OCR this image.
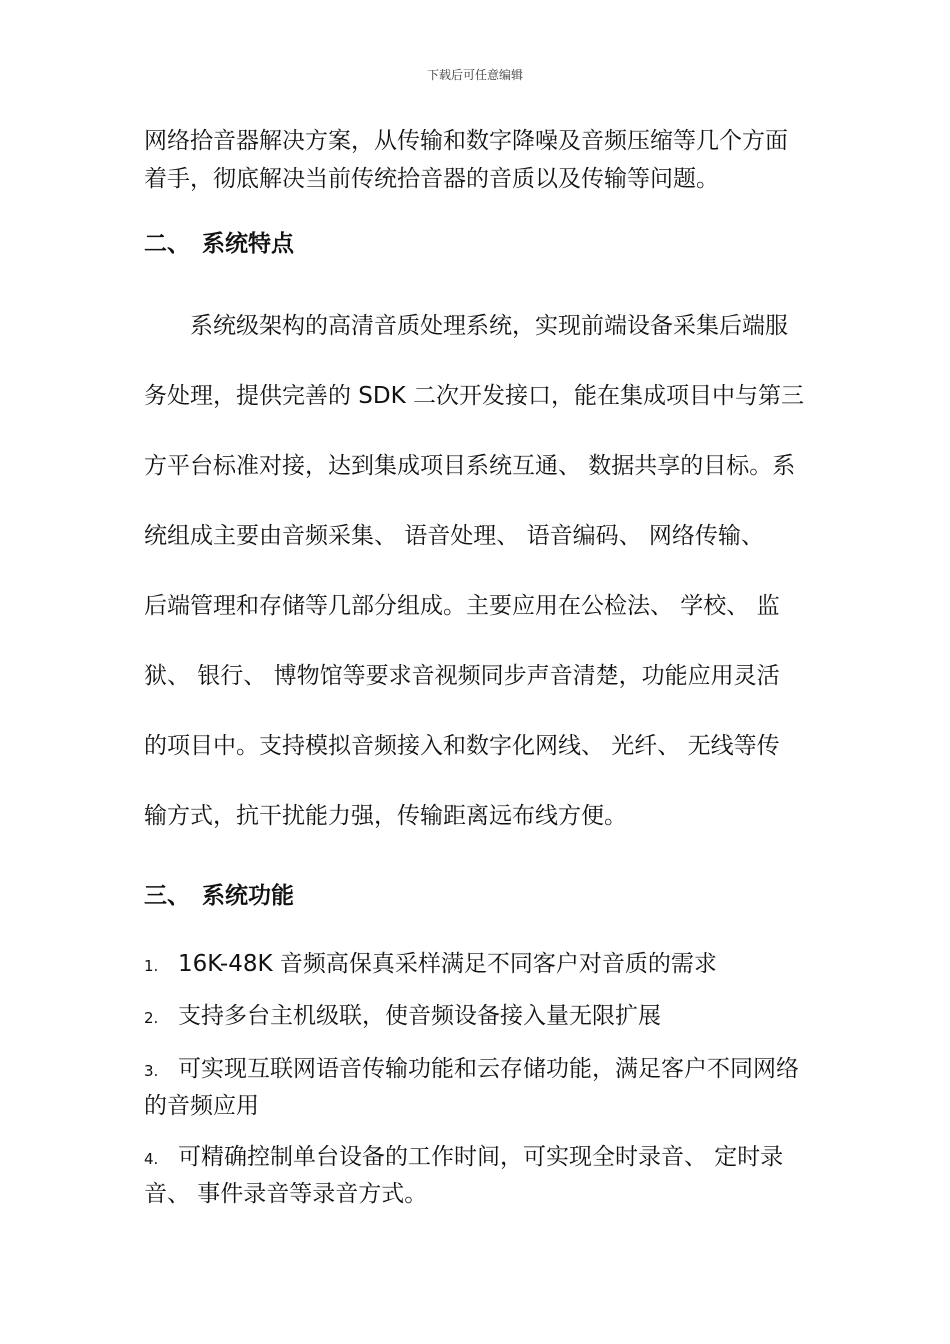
下载后可任意编辑

网络拾音器解决方案，从传输和数字降噪及音频压缩等几个方面

着手，彻底解决当前传统拾音器的音质以及传输等问题。

二、 系统特点

系统级架构的高清音质处理系统，实现前端设备采集后端服

务处理，提供完善的 SDK 二次开发接口，能在集成项目中与第三

方平台标准对接，达到集成项目系统互通、 数据共享的目标。系

统组成主要由音频采集、 语音处理、 语音编码、 网络传输、

后端管理和存储等几部分组成。主要应用在公检法、 学校、 监

狱、 银行、 博物馆等要求音视频同步声音清楚，功能应用灵活

的项目中。支持模拟音频接入和数字化网线、 光纤、 无线等传

输方式，抗干扰能力强，传输距离远布线方便。

三、 系统功能

1. 16K-48K 音频高保真采样满足不同客户对音质的需求

2. 支持多台主机级联，使音频设备接入量无限扩展

3. 可实现互联网语音传输功能和云存储功能，满足客户不同网络

的音频应用

4. 可精确控制单台设备的工作时间，可实现全时录音、 定时录

音、 事件录音等录音方式。
